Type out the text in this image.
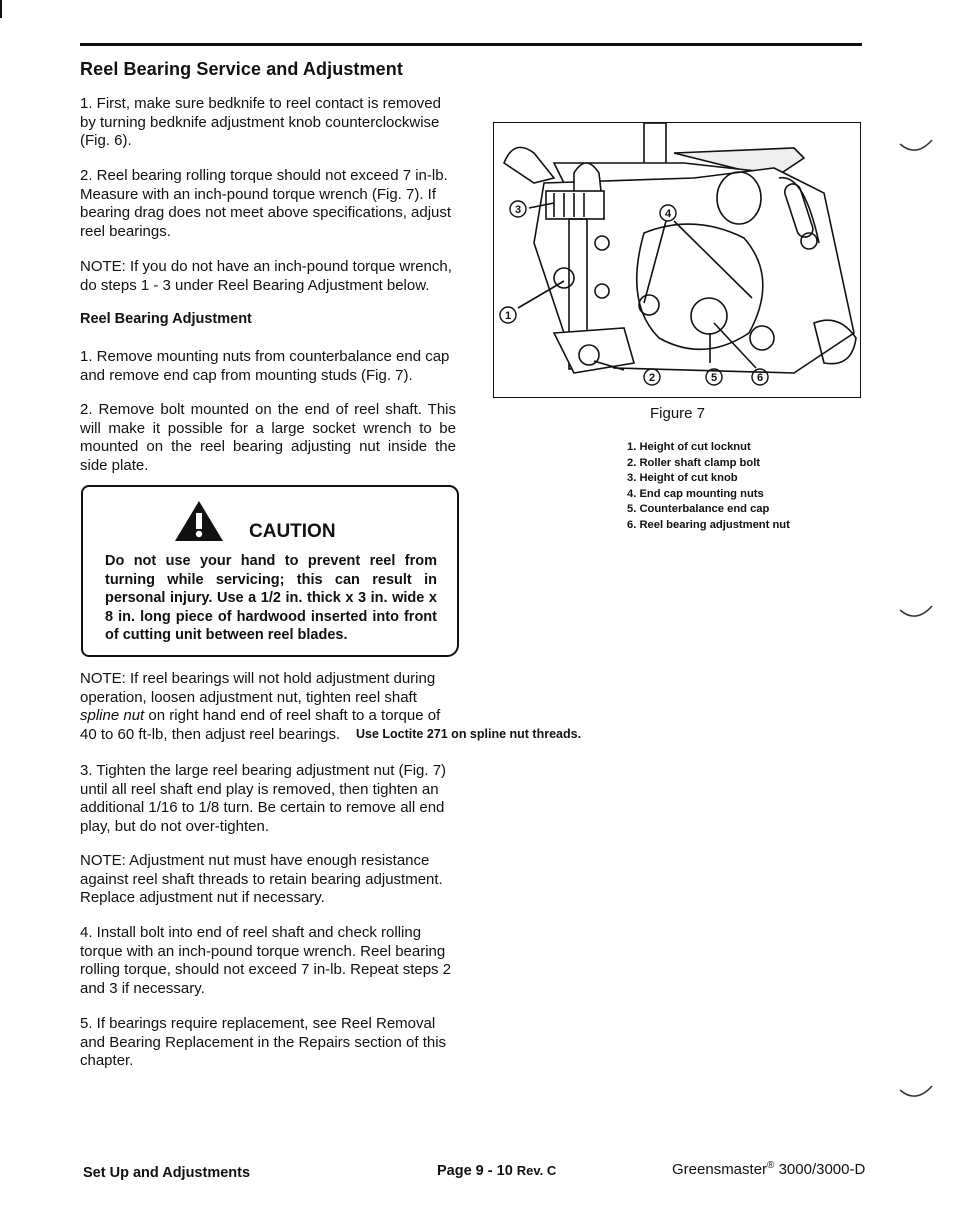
Reel Bearing Service and Adjustment

1. First, make sure bedknife to reel contact is removed by turning bedknife adjustment knob counterclockwise (Fig. 6).

2. Reel bearing rolling torque should not exceed 7 in-lb. Measure with an inch-pound torque wrench (Fig. 7). If bearing drag does not meet above specifications, adjust reel bearings.

NOTE: If you do not have an inch-pound torque wrench, do steps 1 - 3 under Reel Bearing Adjustment below.

Reel Bearing Adjustment

1. Remove mounting nuts from counterbalance end cap and remove end cap from mounting studs (Fig. 7).

2. Remove bolt mounted on the end of reel shaft. This will make it possible for a large socket wrench to be mounted on the reel bearing adjusting nut inside the side plate.

CAUTION

Do not use your hand to prevent reel from turning while servicing; this can result in personal injury. Use a 1/2 in. thick x 3 in. wide x 8 in. long piece of hardwood inserted into front of cutting unit between reel blades.

NOTE: If reel bearings will not hold adjustment during operation, loosen adjustment nut, tighten reel shaft spline nut on right hand end of reel shaft to a torque of 40 to 60 ft-lb, then adjust reel bearings.	Use Loctite 271 on spline nut threads.

3. Tighten the large reel bearing adjustment nut (Fig. 7) until all reel shaft end play is removed, then tighten an additional 1/16 to 1/8 turn. Be certain to remove all end play, but do not over-tighten.

NOTE: Adjustment nut must have enough resistance against reel shaft threads to retain bearing adjustment. Replace adjustment nut if necessary.

4. Install bolt into end of reel shaft and check rolling torque with an inch-pound torque wrench. Reel bearing rolling torque, should not exceed 7 in-lb. Repeat steps 2 and 3 if necessary.

5. If bearings require replacement, see Reel Removal and Bearing Replacement in the Repairs section of this chapter.

1
2
3	4
5	6

Figure 7

1. Height of cut locknut
2. Roller shaft clamp bolt
3. Height of cut knob
4. End cap mounting nuts
5. Counterbalance end cap
6. Reel bearing adjustment nut

Set Up and Adjustments	Page 9 - 10 Rev. C	Greensmaster® 3000/3000-D
